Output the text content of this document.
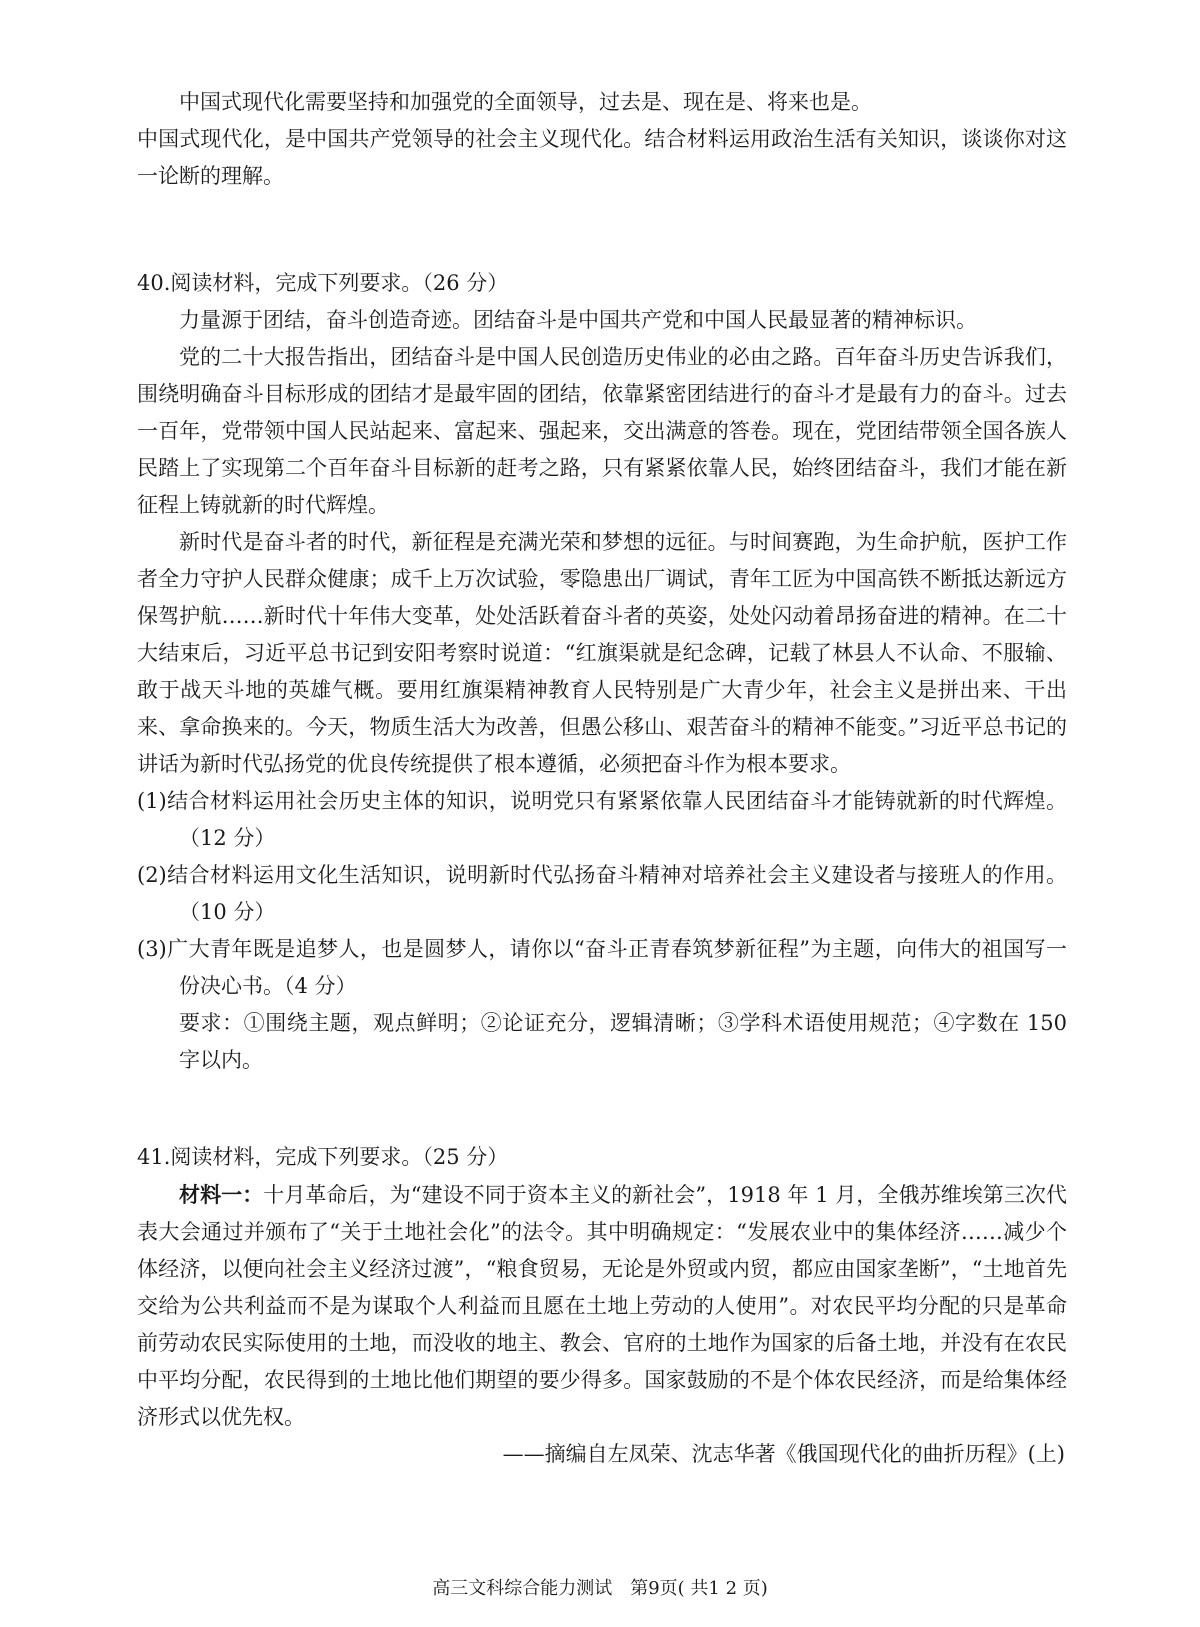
中国式现代化需要坚持和加强党的全面领导，过去是、现在是、将来也是。

中国式现代化，是中国共产党领导的社会主义现代化。结合材料运用政治生活有关知识，谈谈你对这一论断的理解。

40.阅读材料，完成下列要求。（26 分）

力量源于团结，奋斗创造奇迹。团结奋斗是中国共产党和中国人民最显著的精神标识。

党的二十大报告指出，团结奋斗是中国人民创造历史伟业的必由之路。百年奋斗历史告诉我们，围绕明确奋斗目标形成的团结才是最牢固的团结，依靠紧密团结进行的奋斗才是最有力的奋斗。过去一百年，党带领中国人民站起来、富起来、强起来，交出满意的答卷。现在，党团结带领全国各族人民踏上了实现第二个百年奋斗目标新的赶考之路，只有紧紧依靠人民，始终团结奋斗，我们才能在新征程上铸就新的时代辉煌。

新时代是奋斗者的时代，新征程是充满光荣和梦想的远征。与时间赛跑，为生命护航，医护工作者全力守护人民群众健康；成千上万次试验，零隐患出厂调试，青年工匠为中国高铁不断抵达新远方保驾护航……新时代十年伟大变革，处处活跃着奋斗者的英姿，处处闪动着昂扬奋进的精神。在二十大结束后，习近平总书记到安阳考察时说道：“红旗渠就是纪念碑，记载了林县人不认命、不服输、敢于战天斗地的英雄气概。要用红旗渠精神教育人民特别是广大青少年，社会主义是拼出来、干出来、拿命换来的。今天，物质生活大为改善，但愚公移山、艰苦奋斗的精神不能变。”习近平总书记的讲话为新时代弘扬党的优良传统提供了根本遵循，必须把奋斗作为根本要求。

(1)结合材料运用社会历史主体的知识，说明党只有紧紧依靠人民团结奋斗才能铸就新的时代辉煌。（12 分）

(2)结合材料运用文化生活知识，说明新时代弘扬奋斗精神对培养社会主义建设者与接班人的作用。（10 分）

(3)广大青年既是追梦人，也是圆梦人，请你以“奋斗正青春筑梦新征程”为主题，向伟大的祖国写一份决心书。（4 分）

要求：①围绕主题，观点鲜明；②论证充分，逻辑清晰；③学科术语使用规范；④字数在 150 字以内。

41.阅读材料，完成下列要求。（25 分）

材料一：十月革命后，为“建设不同于资本主义的新社会”，1918 年 1 月，全俄苏维埃第三次代表大会通过并颁布了“关于土地社会化”的法令。其中明确规定：“发展农业中的集体经济……减少个体经济，以便向社会主义经济过渡”，“粮食贸易，无论是外贸或内贸，都应由国家垄断”，“土地首先交给为公共利益而不是为谋取个人利益而且愿在土地上劳动的人使用”。对农民平均分配的只是革命前劳动农民实际使用的土地，而没收的地主、教会、官府的土地作为国家的后备土地，并没有在农民中平均分配，农民得到的土地比他们期望的要少得多。国家鼓励的不是个体农民经济，而是给集体经济形式以优先权。

——摘编自左凤荣、沈志华著《俄国现代化的曲折历程》(上)

高三文科综合能力测试　第9页( 共1 2 页)
